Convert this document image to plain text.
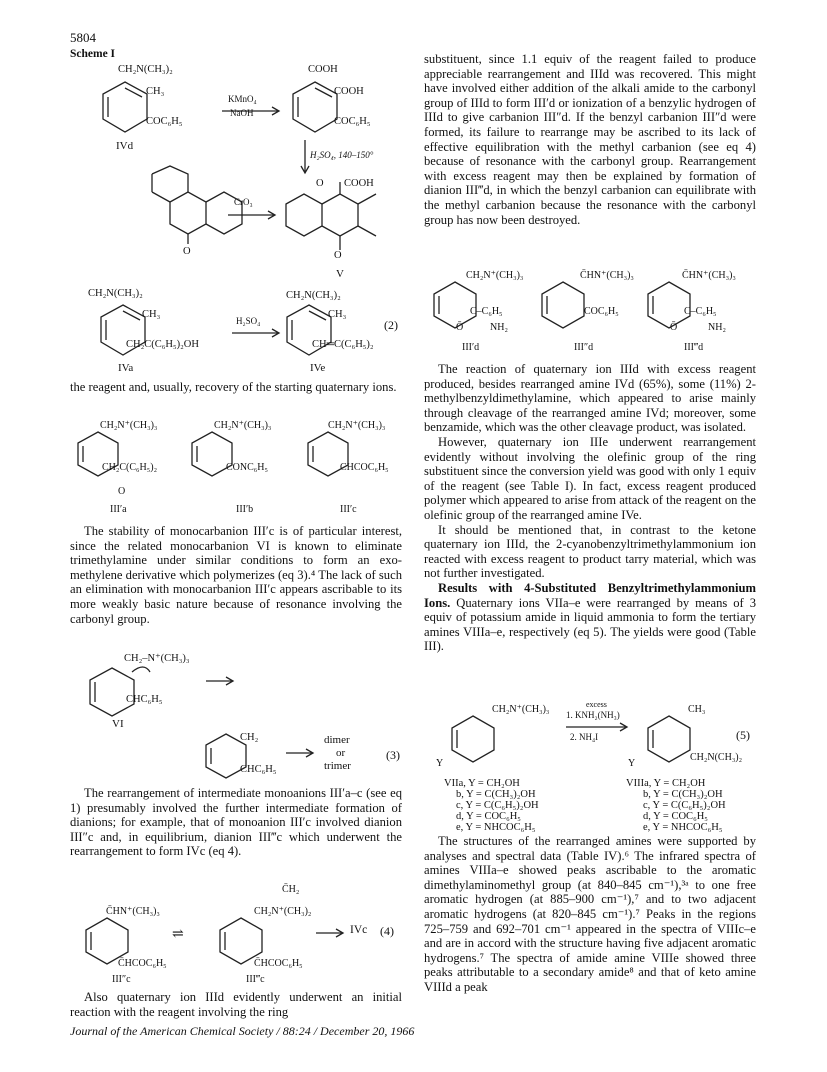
5804
Scheme I
CH₂N(CH₃)₂
CH₃
COC₆H₅
IVd
KMnO₄
NaOH
COOH
COOH
COC₆H₅
H₂SO₄, 140–150°
O
CrO₃
O COOH
O
V
CH₂N(CH₃)₂
CH₃
CH₂C(C₆H₅)₂OH
IVa
H₂SO₄
CH₂N(CH₃)₂
CH₃
CH═C(C₆H₅)₂
IVe
(2)

the reagent and, usually, recovery of the starting quaternary ions.

CH₂N⁺(CH₃)₃
CH₂C(C₆H₅)₂
O
III′a
CH₂N⁺(CH₃)₃
CONC₆H₅
III′b
CH₂N⁺(CH₃)₃
CHCOC₆H₅
III′c

The stability of monocarbanion III′c is of particular interest, since the related monocarbanion VI is known to eliminate trimethylamine under similar conditions to form an exo-methylene derivative which polymerizes (eq 3).⁴ The lack of such an elimination with monocarbanion III′c appears ascribable to its more weakly basic nature because of resonance involving the carbonyl group.

CH₂–N⁺(CH₃)₃
CHC₆H₅
VI
CH₂
CHC₆H₅
dimer
or
trimer
(3)

The rearrangement of intermediate monoanions III′a–c (see eq 1) presumably involved the further intermediate formation of dianions; for example, that of monoanion III′c involved dianion III″c and, in equilibrium, dianion III‴c which underwent the rearrangement to form IVc (eq 4).

C̄HN⁺(CH₃)₃
C̄HCOC₆H₅
III″c
⇌
C̄H₂
CH₂N⁺(CH₃)₂
C̄HCOC₆H₅
III‴c
IVc (4)

Also quaternary ion IIId evidently underwent an initial reaction with the reagent involving the ring

substituent, since 1.1 equiv of the reagent failed to produce appreciable rearrangement and IIId was recovered. This might have involved either addition of the alkali amide to the carbonyl group of IIId to form III′d or ionization of a benzylic hydrogen of IIId to give carbanion III″d. If the benzyl carbanion III″d were formed, its failure to rearrange may be ascribed to its lack of effective equilibration with the methyl carbanion (see eq 4) because of resonance with the carbonyl group. Rearrangement with excess reagent may then be explained by formation of dianion III‴d, in which the benzyl carbanion can equilibrate with the methyl carbanion because the resonance with the carbonyl group has now been destroyed.

CH₂N⁺(CH₃)₃
C–C₆H₅
Ō	NH₂
III′d
C̄HN⁺(CH₃)₃
COC₆H₅
III″d
C̄HN⁺(CH₃)₃
C–C₆H₅
Ō	NH₂
III‴d

The reaction of quaternary ion IIId with excess reagent produced, besides rearranged amine IVd (65%), some (11%) 2-methylbenzyldimethylamine, which appeared to arise mainly through cleavage of the rearranged amine IVd; moreover, some benzamide, which was the other cleavage product, was isolated.

However, quaternary ion IIIe underwent rearrangement evidently without involving the olefinic group of the ring substituent since the conversion yield was good with only 1 equiv of the reagent (see Table I). In fact, excess reagent produced polymer which appeared to arise from attack of the reagent on the olefinic group of the rearranged amine IVe.

It should be mentioned that, in contrast to the ketone quaternary ion IIId, the 2-cyanobenzyltrimethylammonium ion reacted with excess reagent to product tarry material, which was not further investigated.

Results with 4-Substituted Benzyltrimethylammonium Ions. Quaternary ions VIIa–e were rearranged by means of 3 equiv of potassium amide in liquid ammonia to form the tertiary amines VIIIa–e, respectively (eq 5). The yields were good (Table III).

CH₂N⁺(CH₃)₃
Y
excess
1. KNH₂(NH₃)
2. NH₄I
CH₃
CH₂N(CH₃)₂
Y
(5)
VIIa, Y = CH₂OH
b, Y = C(CH₃)₂OH
c, Y = C(C₆H₅)₂OH
d, Y = COC₆H₅
e, Y = NHCOC₆H₅
VIIIa, Y = CH₂OH
b, Y = C(CH₃)₂OH
c, Y = C(C₆H₅)₂OH
d, Y = COC₆H₅
e, Y = NHCOC₆H₅

The structures of the rearranged amines were supported by analyses and spectral data (Table IV).⁶ The infrared spectra of amines VIIIa–e showed peaks ascribable to the aromatic dimethylaminomethyl group (at 840–845 cm⁻¹),³ᵃ to one free aromatic hydrogen (at 885–900 cm⁻¹),⁷ and to two adjacent aromatic hydrogens (at 820–845 cm⁻¹).⁷ Peaks in the regions 725–759 and 692–701 cm⁻¹ appeared in the spectra of VIIIc–e and are in accord with the structure having five adjacent aromatic hydrogens.⁷ The spectra of amide amine VIIIe showed three peaks attributable to a secondary amide⁸ and that of keto amine VIIId a peak

Journal of the American Chemical Society / 88:24 / December 20, 1966
